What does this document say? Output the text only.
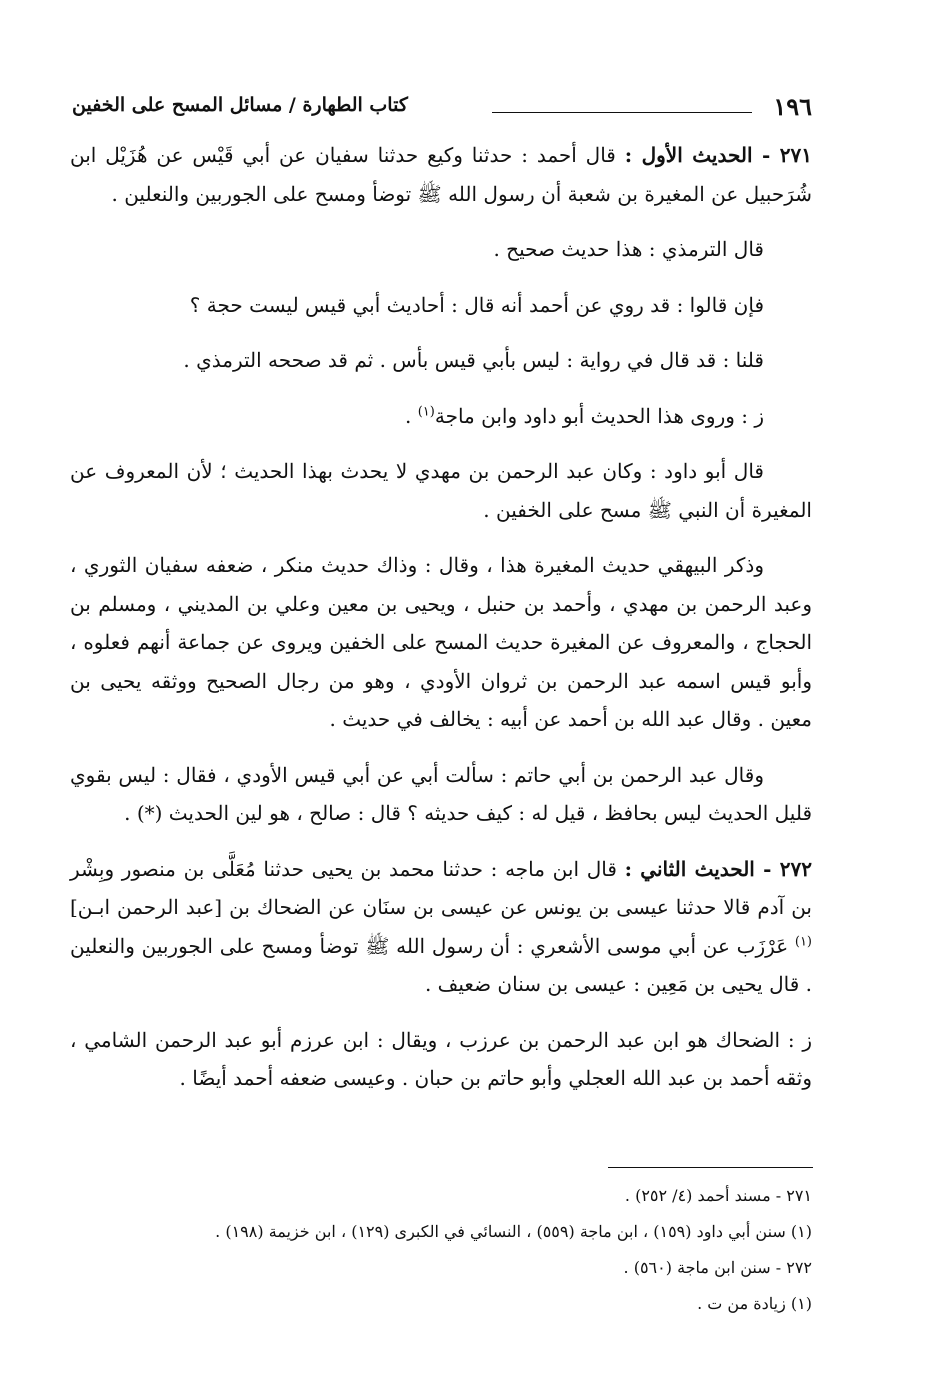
١٩٦
كتاب الطهارة / مسائل المسح على الخفين

٢٧١ - الحديث الأول : قال أحمد : حدثنا وكيع حدثنا سفيان عن أبي قَيْس عن هُزَيْل ابن شُرَحبيل عن المغيرة بن شعبة أن رسول الله ﷺ توضأ ومسح على الجوربين والنعلين .

قال الترمذي : هذا حديث صحيح .

فإن قالوا : قد روي عن أحمد أنه قال : أحاديث أبي قيس ليست حجة ؟

قلنا : قد قال في رواية : ليس بأبي قيس بأس . ثم قد صححه الترمذي .

ز : وروى هذا الحديث أبو داود وابن ماجة$^{(١)}$ .

قال أبو داود : وكان عبد الرحمن بن مهدي لا يحدث بهذا الحديث ؛ لأن المعروف عن المغيرة أن النبي ﷺ مسح على الخفين .

وذكر البيهقي حديث المغيرة هذا ، وقال : وذاك حديث منكر ، ضعفه سفيان الثوري ، وعبد الرحمن بن مهدي ، وأحمد بن حنبل ، ويحيى بن معين وعلي بن المديني ، ومسلم بن الحجاج ، والمعروف عن المغيرة حديث المسح على الخفين ويروى عن جماعة أنهم فعلوه ، وأبو قيس اسمه عبد الرحمن بن ثروان الأودي ، وهو من رجال الصحيح ووثقه يحيى بن معين . وقال عبد الله بن أحمد عن أبيه : يخالف في حديث .

وقال عبد الرحمن بن أبي حاتم : سألت أبي عن أبي قيس الأودي ، فقال : ليس بقوي قليل الحديث ليس بحافظ ، قيل له : كيف حديثه ؟ قال : صالح ، هو لين الحديث (*) .

٢٧٢ - الحديث الثاني : قال ابن ماجه : حدثنا محمد بن يحيى حدثنا مُعَلَّى بن منصور وبِشْر بن آدم قالا حدثنا عيسى بن يونس عن عيسى بن سنَان عن الضحاك بن [عبد الرحمن ابـن]$^{(١)}$ عَرْزَب عن أبي موسى الأشعري : أن رسول الله ﷺ توضأ ومسح على الجوربين والنعلين . قال يحيى بن مَعِين : عيسى بن سنان ضعيف .

ز : الضحاك هو ابن عبد الرحمن بن عرزب ، ويقال : ابن عرزم أبو عبد الرحمن الشامي ، وثقه أحمد بن عبد الله العجلي وأبو حاتم بن حبان . وعيسى ضعفه أحمد أيضًا .

٢٧١ - مسند أحمد (٤/ ٢٥٢) .

(١) سنن أبي داود (١٥٩) ، ابن ماجة (٥٥٩) ، النسائي في الكبرى (١٢٩) ، ابن خزيمة (١٩٨) .

٢٧٢ - سنن ابن ماجة (٥٦٠) .

(١) زيادة من ت .
